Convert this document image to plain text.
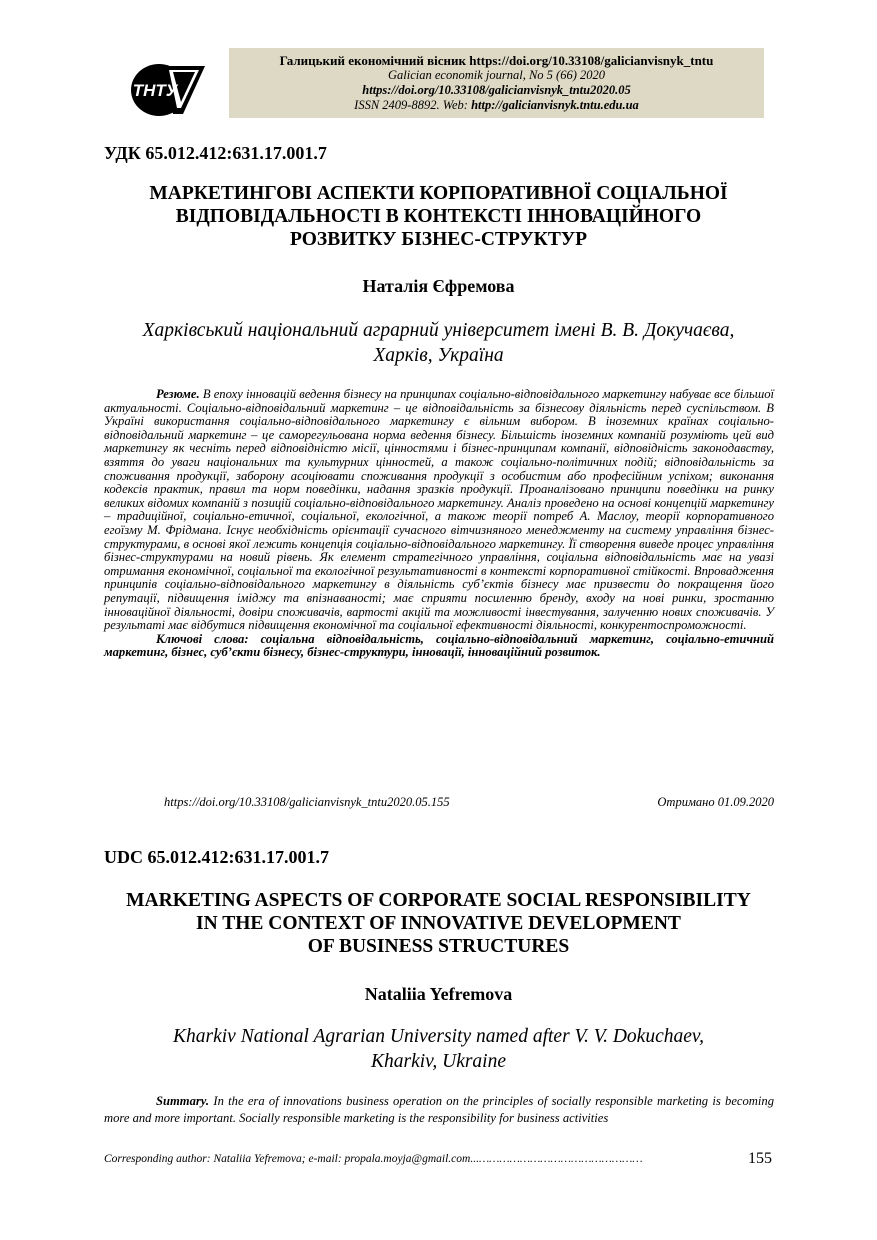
ТНТУ
Галицький економічний вісник https://doi.org/10.33108/galicianvisnyk_tntu
Galician economik journal, No 5 (66) 2020
https://doi.org/10.33108/galicianvisnyk_tntu2020.05
ISSN 2409-8892. Web: http://galicianvisnyk.tntu.edu.ua
УДК 65.012.412:631.17.001.7
МАРКЕТИНГОВІ АСПЕКТИ КОРПОРАТИВНОЇ СОЦІАЛЬНОЇ
ВІДПОВІДАЛЬНОСТІ В КОНТЕКСТІ ІННОВАЦІЙНОГО
РОЗВИТКУ БІЗНЕС-СТРУКТУР
Наталія Єфремова
Харківський національний аграрний університет імені В. В. Докучаєва,
Харків, Україна
Резюме. В епоху інновацій ведення бізнесу на принципах соціально-відповідального маркетингу набуває все більшої актуальності. Соціально-відповідальний маркетинг – це відповідальність за бізнесову діяльність перед суспільством. В Україні використання соціально-відповідального маркетингу є вільним вибором. В іноземних країнах соціально-відповідальний маркетинг – це саморегульована норма ведення бізнесу. Більшість іноземних компаній розуміють цей вид маркетингу як чесніть перед відповідністю місії, цінностями і бізнес-принципам компанії, відповідність законодавству, взяття до уваги національних та культурних цінностей, а також соціально-політичних подій; відповідальність за споживання продукції, заборону асоціювати споживання продукції з особистим або професійним успіхом; виконання кодексів практик, правил та норм поведінки, надання зразків продукції. Проаналізовано принципи поведінки на ринку великих відомих компаній з позицій соціально-відповідального маркетингу. Аналіз проведено на основі концепцій маркетингу – традиційної, соціально-етичної, соціальної, екологічної, а також теорії потреб А. Маслоу, теорії корпоративного егоїзму М. Фрідмана. Існує необхідність орієнтації сучасного вітчизняного менеджменту на систему управління бізнес-структурами, в основі якої лежить концепція соціально-відповідального маркетингу. Її створення виведе процес управління бізнес-структурами на новий рівень. Як елемент стратегічного управління, соціальна відповідальність має на увазі отримання економічної, соціальної та екологічної результативності в контексті корпоративної стійкості. Впровадження принципів соціально-відповідального маркетингу в діяльність суб’єктів бізнесу має призвести до покращення його репутації, підвищення іміджу та впізнаваності; має сприяти посиленню бренду, входу на нові ринки, зростанню інноваційної діяльності, довіри споживачів, вартості акцій та можливості інвестування, залученню нових споживачів. У результаті має відбутися підвищення економічної та соціальної ефективності діяльності, конкурентоспроможності.
Ключові слова: соціальна відповідальність, соціально-відповідальний маркетинг, соціально-етичний маркетинг, бізнес, суб’єкти бізнесу, бізнес-структури, інновації, інноваційний розвиток.
https://doi.org/10.33108/galicianvisnyk_tntu2020.05.155	Отримано 01.09.2020
UDC 65.012.412:631.17.001.7
MARKETING ASPECTS OF CORPORATE SOCIAL RESPONSIBILITY
IN THE CONTEXT OF INNOVATIVE DEVELOPMENT
OF BUSINESS STRUCTURES
Nataliia Yefremova
Kharkiv National Agrarian University named after V. V. Dokuchaev,
Kharkiv, Ukraine
Summary. In the era of innovations business operation on the principles of socially responsible marketing is becoming more and more important. Socially responsible marketing is the responsibility for business activities
Corresponding author: Nataliia Yefremova; e-mail: propala.moyja@gmail.com...…………………………………………	155
